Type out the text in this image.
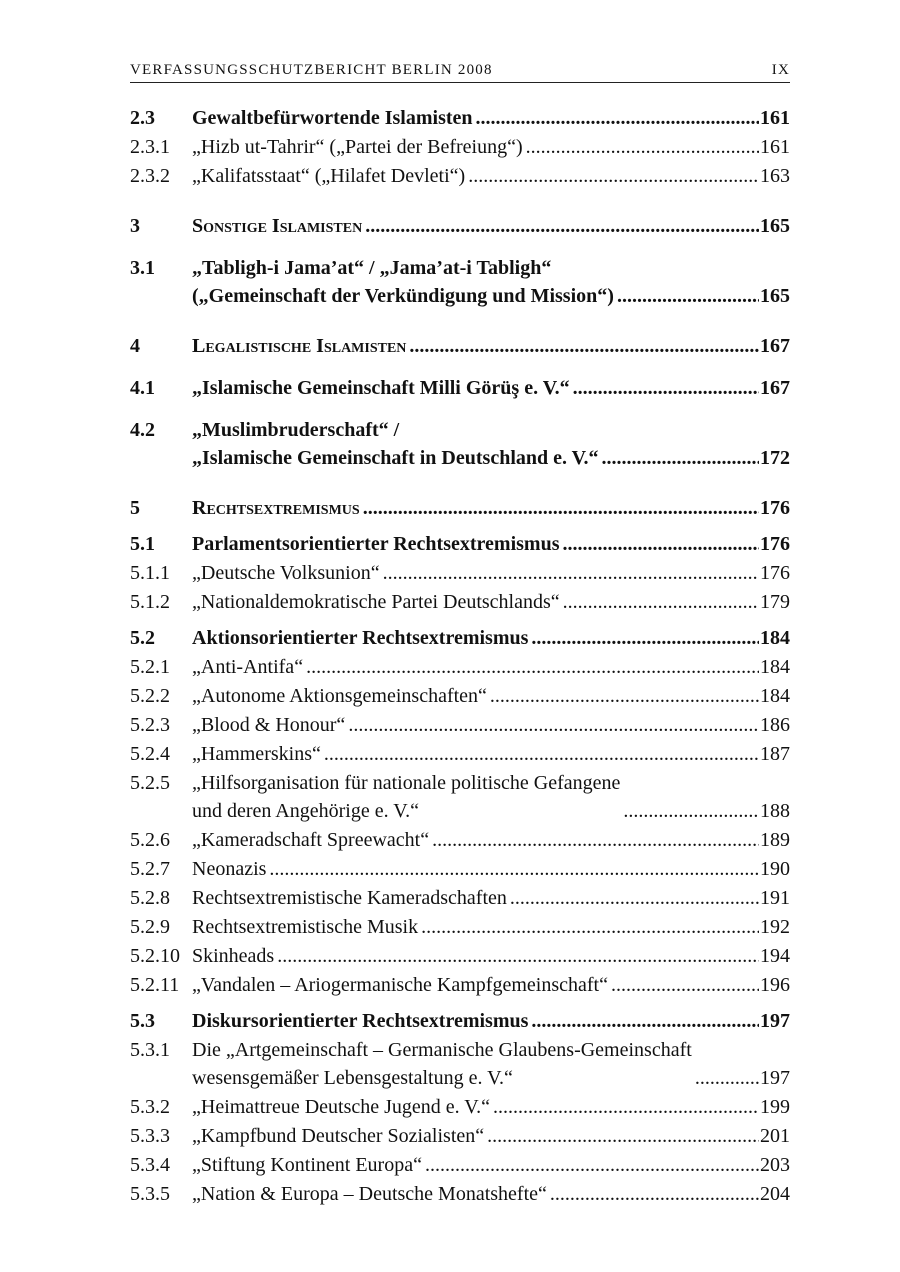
VERFASSUNGSSCHUTZBERICHT BERLIN 2008	IX
2.3	Gewaltbefürwortende Islamisten .....	161
2.3.1	„Hizb ut-Tahrir“ („Partei der Befreiung“) .....	161
2.3.2	„Kalifatsstaat“ („Hilafet Devleti“) .....	163
3	Sonstige Islamisten .....	165
3.1	„Tabligh-i Jama’at“ / „Jama’at-i Tabligh“
(„Gemeinschaft der Verkündigung und Mission“) .....	165
4	Legalistische Islamisten .....	167
4.1	„Islamische Gemeinschaft Milli Görüş e. V.“ .....	167
4.2	„Muslimbruderschaft“ /
„Islamische Gemeinschaft in Deutschland e. V.“ .....	172
5	Rechtsextremismus .....	176
5.1	Parlamentsorientierter Rechtsextremismus .....	176
5.1.1	„Deutsche Volksunion“ .....	176
5.1.2	„Nationaldemokratische Partei Deutschlands“ .....	179
5.2	Aktionsorientierter Rechtsextremismus .....	184
5.2.1	„Anti-Antifa“ .....	184
5.2.2	„Autonome Aktionsgemeinschaften“ .....	184
5.2.3	„Blood & Honour“ .....	186
5.2.4	„Hammerskins“ .....	187
5.2.5	„Hilfsorganisation für nationale politische Gefangene
und deren Angehörige e. V.“ .....	188
5.2.6	„Kameradschaft Spreewacht“ .....	189
5.2.7	Neonazis .....	190
5.2.8	Rechtsextremistische Kameradschaften .....	191
5.2.9	Rechtsextremistische Musik .....	192
5.2.10 Skinheads .....	194
5.2.11 „Vandalen – Ariogermanische Kampfgemeinschaft“ .....	196
5.3	Diskursorientierter Rechtsextremismus .....	197
5.3.1	Die „Artgemeinschaft – Germanische Glaubens-Gemeinschaft
wesensgemäßer Lebensgestaltung e. V.“ .....	197
5.3.2	„Heimattreue Deutsche Jugend e. V.“ .....	199
5.3.3	„Kampfbund Deutscher Sozialisten“ .....	201
5.3.4	„Stiftung Kontinent Europa“ .....	203
5.3.5	„Nation & Europa – Deutsche Monatshefte“ .....	204
